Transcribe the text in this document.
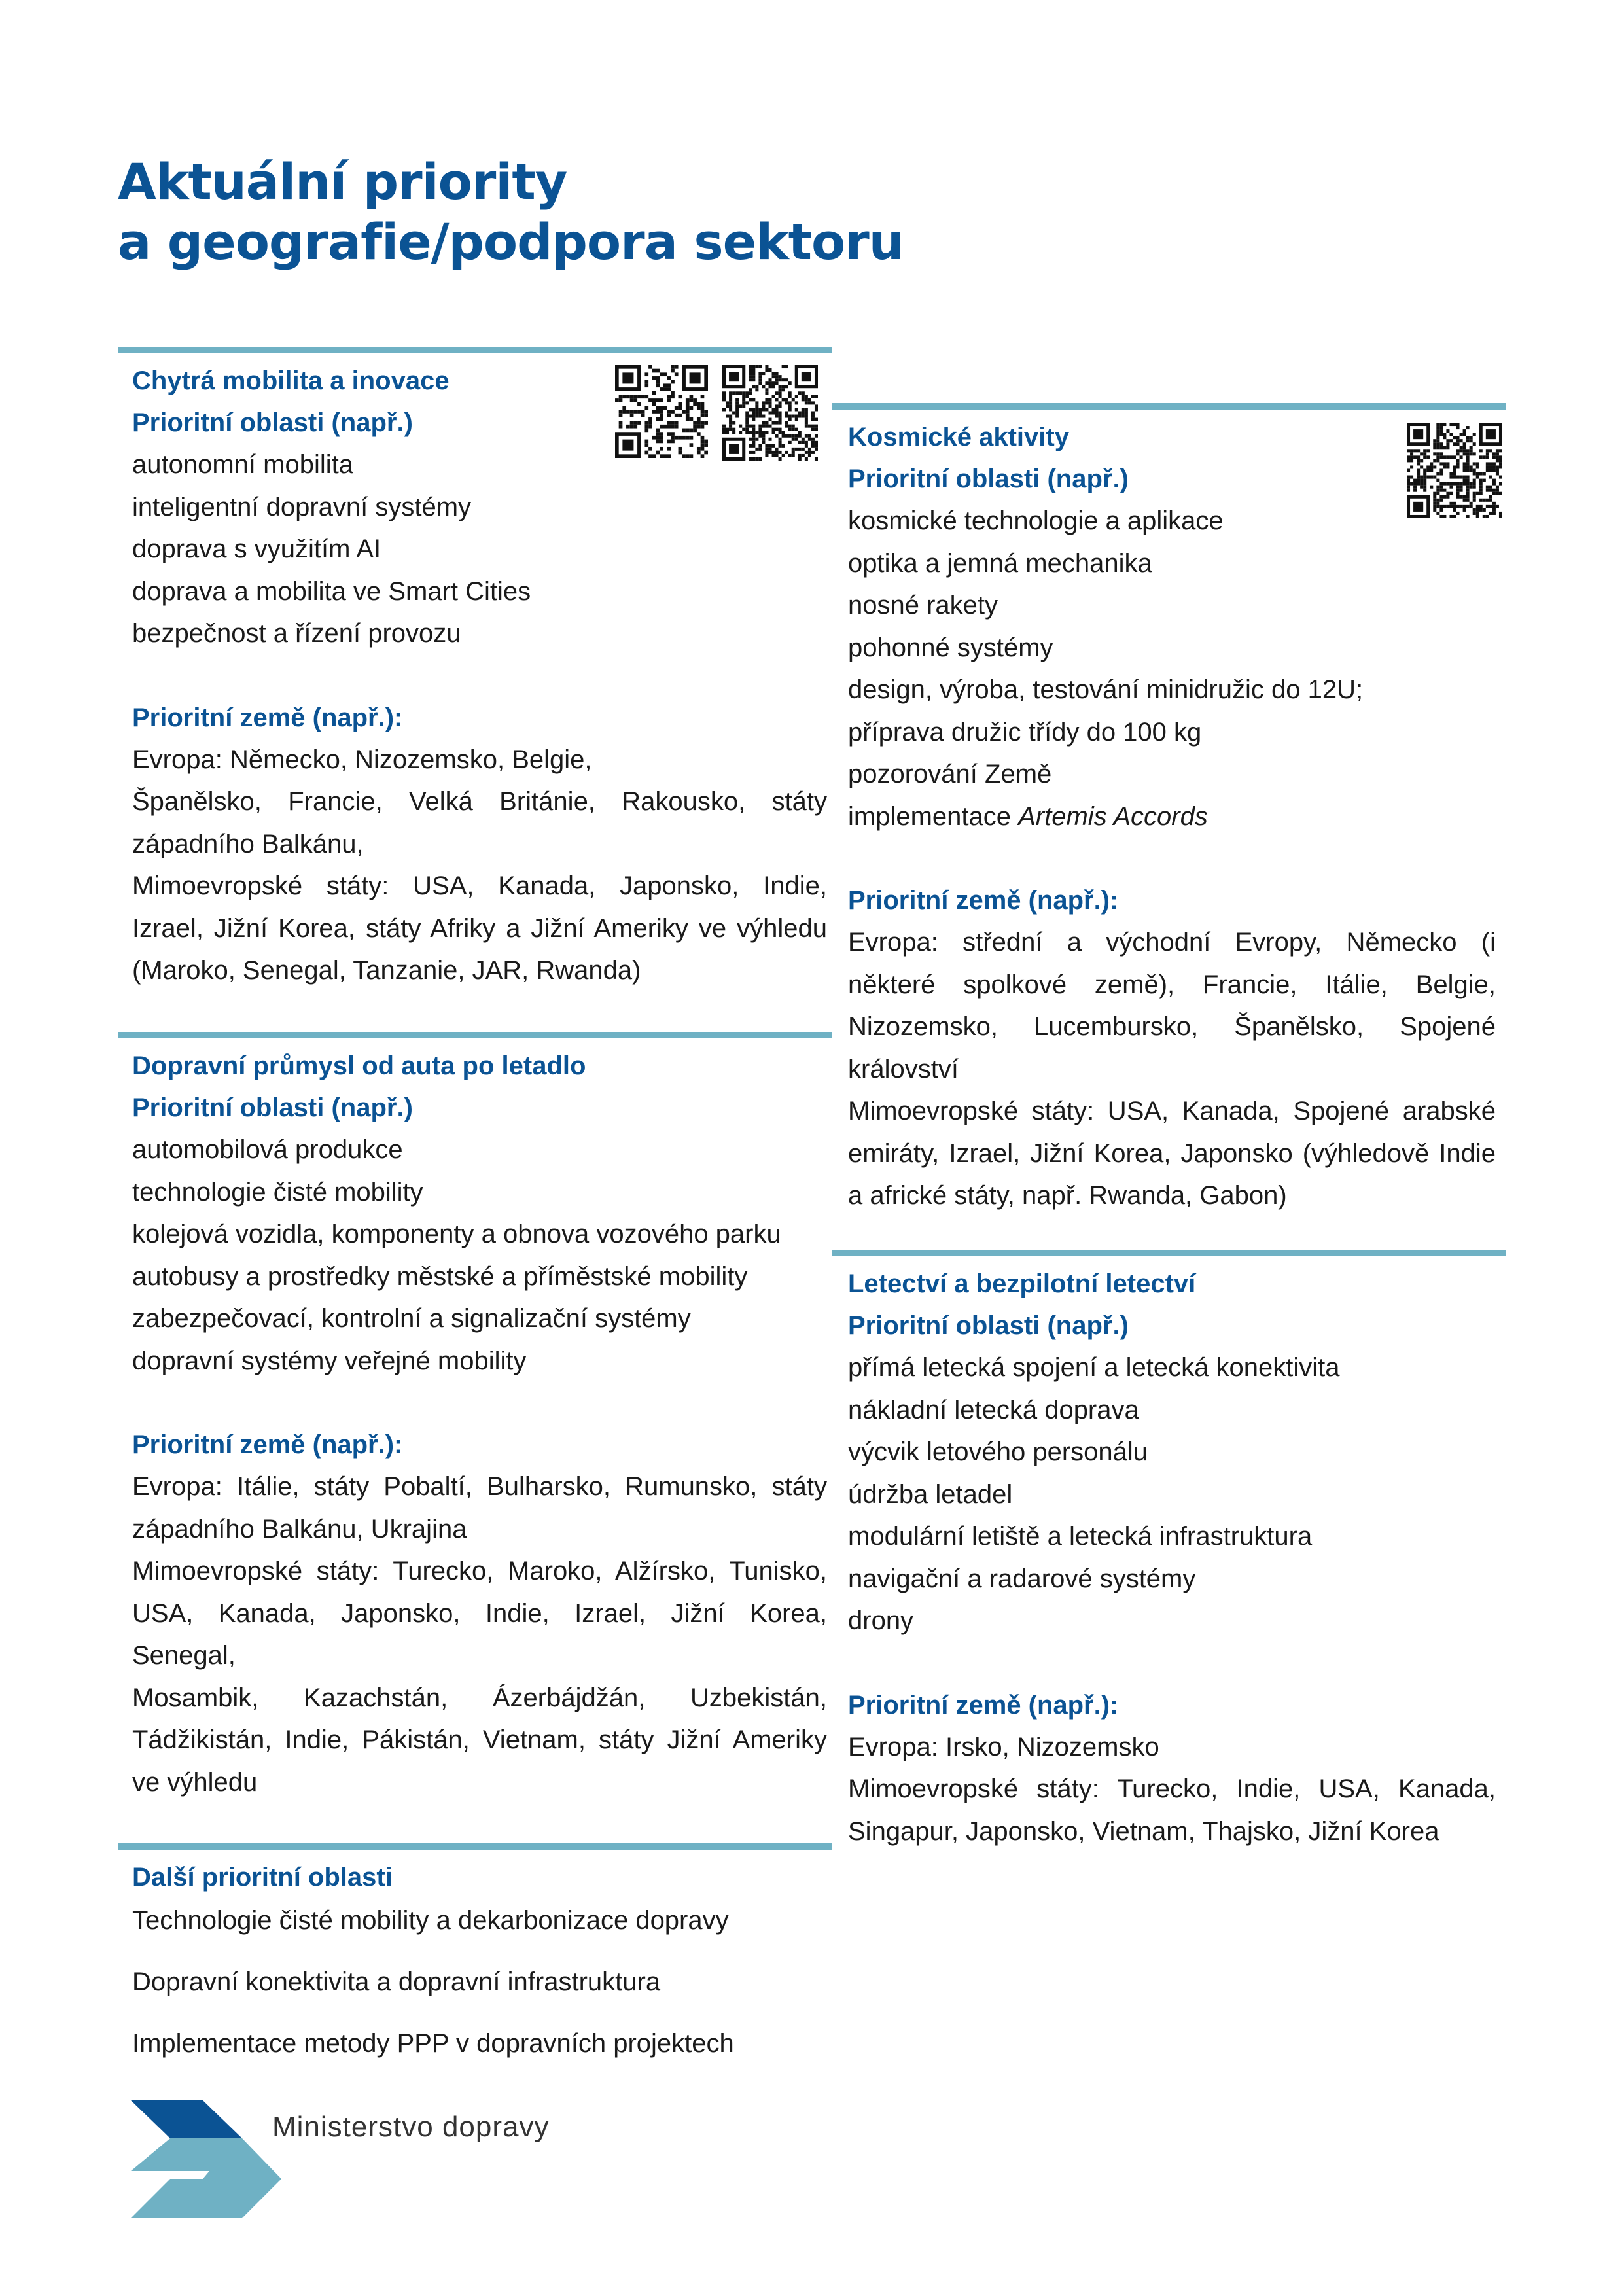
Aktuální priority
a geografie/podpora sektoru

Chytrá mobilita a inovace

Prioritní oblasti (např.)

autonomní mobilita

inteligentní dopravní systémy

doprava s využitím AI

doprava a mobilita ve Smart Cities

bezpečnost a řízení provozu

Prioritní země (např.):

Evropa: Německo, Nizozemsko, Belgie,

Španělsko, Francie, Velká Británie, Rakousko, státy

západního Balkánu,

Mimoevropské státy: USA, Kanada, Japonsko, Indie,

Izrael, Jižní Korea, státy Afriky a Jižní Ameriky ve výhledu

(Maroko, Senegal, Tanzanie, JAR, Rwanda)

Dopravní průmysl od auta po letadlo

Prioritní oblasti (např.)

automobilová produkce

technologie čisté mobility

kolejová vozidla, komponenty a obnova vozového parku

autobusy a prostředky městské a příměstské mobility

zabezpečovací, kontrolní a signalizační systémy

dopravní systémy veřejné mobility

Prioritní země (např.):

Evropa: Itálie, státy Pobaltí, Bulharsko, Rumunsko, státy

západního Balkánu, Ukrajina

Mimoevropské státy: Turecko, Maroko, Alžírsko, Tunisko,

USA, Kanada, Japonsko, Indie, Izrael, Jižní Korea, Senegal,

Mosambik, Kazachstán, Ázerbájdžán, Uzbekistán,

Tádžikistán, Indie, Pákistán, Vietnam, státy Jižní Ameriky

ve výhledu

Další prioritní oblasti

Technologie čisté mobility a dekarbonizace dopravy

Dopravní konektivita a dopravní infrastruktura

Implementace metody PPP v dopravních projektech

Kosmické aktivity

Prioritní oblasti (např.)

kosmické technologie a aplikace

optika a jemná mechanika

nosné rakety

pohonné systémy

design, výroba, testování minidružic do 12U;

příprava družic třídy do 100 kg

pozorování Země

implementace Artemis Accords

Prioritní země (např.):

Evropa: střední a východní Evropy, Německo (i

některé spolkové země), Francie, Itálie, Belgie,

Nizozemsko, Lucembursko, Španělsko, Spojené

království

Mimoevropské státy: USA, Kanada, Spojené arabské

emiráty, Izrael, Jižní Korea, Japonsko (výhledově Indie

a africké státy, např. Rwanda, Gabon)

Letectví a bezpilotní letectví

Prioritní oblasti (např.)

přímá letecká spojení a letecká konektivita

nákladní letecká doprava

výcvik letového personálu

údržba letadel

modulární letiště a letecká infrastruktura

navigační a radarové systémy

drony

Prioritní země (např.):

Evropa: Irsko, Nizozemsko

Mimoevropské státy: Turecko, Indie, USA, Kanada,

Singapur, Japonsko, Vietnam, Thajsko, Jižní Korea

Ministerstvo dopravy
